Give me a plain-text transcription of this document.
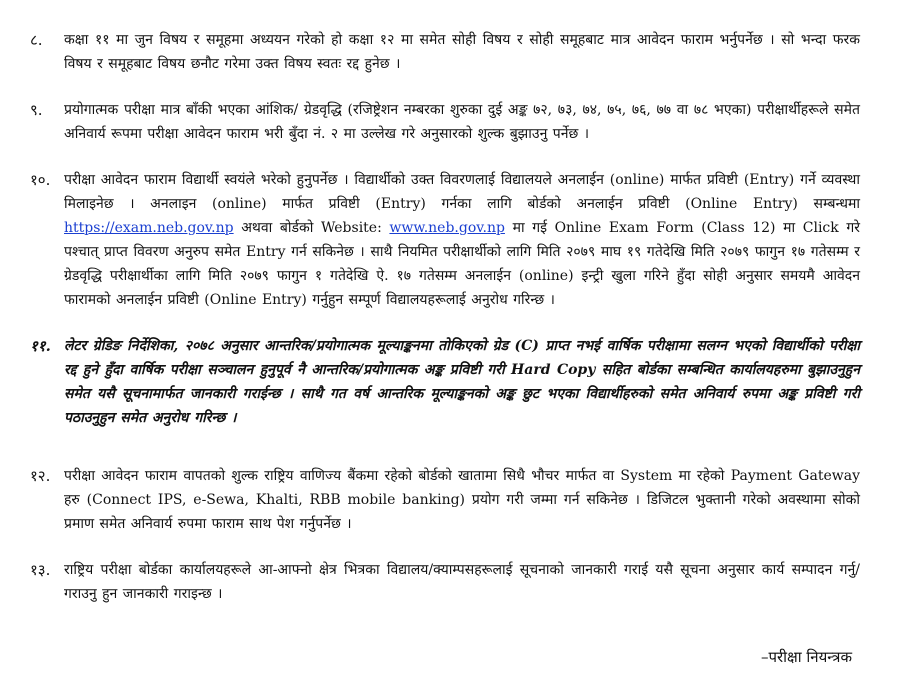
८.	कक्षा ११ मा जुन विषय र समूहमा अध्ययन गरेको हो कक्षा १२ मा समेत सोही विषय र सोही समूहबाट मात्र आवेदन फाराम भर्नुपर्नेछ । सो भन्दा फरक विषय र समूहबाट विषय छनौट गरेमा उक्त विषय स्वतः रद्द हुनेछ ।
९.	प्रयोगात्मक परीक्षा मात्र बाँकी भएका आंशिक/ ग्रेडवृद्धि (रजिष्ट्रेशन नम्बरका शुरुका दुई अङ्क ७२, ७३, ७४, ७५, ७६, ७७ वा ७८ भएका) परीक्षार्थीहरूले समेत अनिवार्य रूपमा परीक्षा आवेदन फाराम भरी बुँदा नं. २ मा उल्लेख गरे अनुसारको शुल्क बुझाउनु पर्नेछ ।
१०. परीक्षा आवेदन फाराम विद्यार्थी स्वयंले भरेको हुनुपर्नेछ । विद्यार्थीको उक्त विवरणलाई विद्यालयले अनलाईन (online) मार्फत प्रविष्टी (Entry) गर्ने व्यवस्था मिलाइनेछ । अनलाइन (online) मार्फत प्रविष्टी (Entry) गर्नका लागि बोर्डको अनलाईन प्रविष्टी (Online Entry) सम्बन्धमा https://exam.neb.gov.np अथवा बोर्डको Website: www.neb.gov.np मा गई Online Exam Form (Class 12) मा Click गरे पश्चात् प्राप्त विवरण अनुरुप समेत Entry गर्न सकिनेछ । साथै नियमित परीक्षार्थीको लागि मिति २०७९ माघ १९ गतेदेखि मिति २०७९ फागुन १७ गतेसम्म र ग्रेडवृद्धि परीक्षार्थीका लागि मिति २०७९ फागुन १ गतेदेखि ऐ. १७ गतेसम्म अनलाईन (online) इन्ट्री खुला गरिने हुँदा सोही अनुसार समयमै आवेदन फारामको अनलाईन प्रविष्टी (Online Entry) गर्नुहुन सम्पूर्ण विद्यालयहरूलाई अनुरोध गरिन्छ ।
११. लेटर ग्रेडिङ निर्देशिका, २०७८ अनुसार आन्तरिक/प्रयोगात्मक मूल्याङ्कनमा तोकिएको ग्रेड (C) प्राप्त नभई वार्षिक परीक्षामा सलग्न भएको विद्यार्थीको परीक्षा रद्द हुने हुँदा वार्षिक परीक्षा सञ्चालन हुनुपूर्व नै आन्तरिक/प्रयोगात्मक अङ्क प्रविष्टी गरी Hard Copy सहित बोर्डका सम्बन्धित कार्यालयहरुमा बुझाउनुहुन समेत यसै सूचनामार्फत जानकारी गराईन्छ । साथै गत वर्ष आन्तरिक मूल्याङ्कनको अङ्क छुट भएका विद्यार्थीहरुको समेत अनिवार्य रुपमा अङ्क प्रविष्टी गरी पठाउनुहुन समेत अनुरोध गरिन्छ ।
१२. परीक्षा आवेदन फाराम वापतको शुल्क राष्ट्रिय वाणिज्य बैंकमा रहेको बोर्डको खातामा सिधै भौचर मार्फत वा System मा रहेको Payment Gateway हरु (Connect IPS, e-Sewa, Khalti, RBB mobile banking) प्रयोग गरी जम्मा गर्न सकिनेछ । डिजिटल भुक्तानी गरेको अवस्थामा सोको प्रमाण समेत अनिवार्य रुपमा फाराम साथ पेश गर्नुपर्नेछ ।
१३. राष्ट्रिय परीक्षा बोर्डका कार्यालयहरूले आ-आफ्नो क्षेत्र भित्रका विद्यालय/क्याम्पसहरूलाई सूचनाको जानकारी गराई यसै सूचना अनुसार कार्य सम्पादन गर्नु/गराउनु हुन जानकारी गराइन्छ ।
–परीक्षा नियन्त्रक
